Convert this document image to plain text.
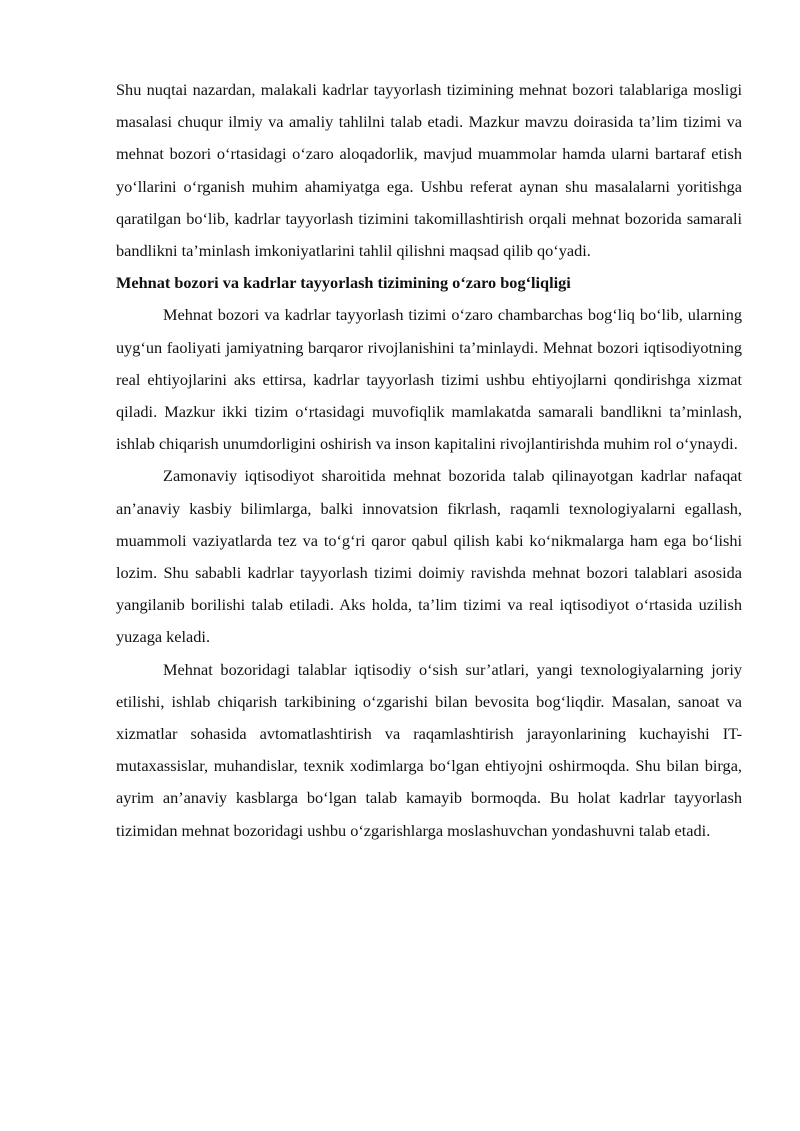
Shu nuqtai nazardan, malakali kadrlar tayyorlash tizimining mehnat bozori talablariga mosligi masalasi chuqur ilmiy va amaliy tahlilni talab etadi. Mazkur mavzu doirasida ta’lim tizimi va mehnat bozori o‘rtasidagi o‘zaro aloqadorlik, mavjud muammolar hamda ularni bartaraf etish yo‘llarini o‘rganish muhim ahamiyatga ega. Ushbu referat aynan shu masalalarni yoritishga qaratilgan bo‘lib, kadrlar tayyorlash tizimini takomillashtirish orqali mehnat bozorida samarali bandlikni ta’minlash imkoniyatlarini tahlil qilishni maqsad qilib qo‘yadi.

Mehnat bozori va kadrlar tayyorlash tizimining o‘zaro bog‘liqligi

Mehnat bozori va kadrlar tayyorlash tizimi o‘zaro chambarchas bog‘liq bo‘lib, ularning uyg‘un faoliyati jamiyatning barqaror rivojlanishini ta’minlaydi. Mehnat bozori iqtisodiyotning real ehtiyojlarini aks ettirsa, kadrlar tayyorlash tizimi ushbu ehtiyojlarni qondirishga xizmat qiladi. Mazkur ikki tizim o‘rtasidagi muvofiqlik mamlakatda samarali bandlikni ta’minlash, ishlab chiqarish unumdorligini oshirish va inson kapitalini rivojlantirishda muhim rol o‘ynaydi.

Zamonaviy iqtisodiyot sharoitida mehnat bozorida talab qilinayotgan kadrlar nafaqat an’anaviy kasbiy bilimlarga, balki innovatsion fikrlash, raqamli texnologiyalarni egallash, muammoli vaziyatlarda tez va to‘g‘ri qaror qabul qilish kabi ko‘nikmalarga ham ega bo‘lishi lozim. Shu sababli kadrlar tayyorlash tizimi doimiy ravishda mehnat bozori talablari asosida yangilanib borilishi talab etiladi. Aks holda, ta’lim tizimi va real iqtisodiyot o‘rtasida uzilish yuzaga keladi.

Mehnat bozoridagi talablar iqtisodiy o‘sish sur’atlari, yangi texnologiyalarning joriy etilishi, ishlab chiqarish tarkibining o‘zgarishi bilan bevosita bog‘liqdir. Masalan, sanoat va xizmatlar sohasida avtomatlashtirish va raqamlashtirish jarayonlarining kuchayishi IT-mutaxassislar, muhandislar, texnik xodimlarga bo‘lgan ehtiyojni oshirmoqda. Shu bilan birga, ayrim an’anaviy kasblarga bo‘lgan talab kamayib bormoqda. Bu holat kadrlar tayyorlash tizimidan mehnat bozoridagi ushbu o‘zgarishlarga moslashuvchan yondashuvni talab etadi.
